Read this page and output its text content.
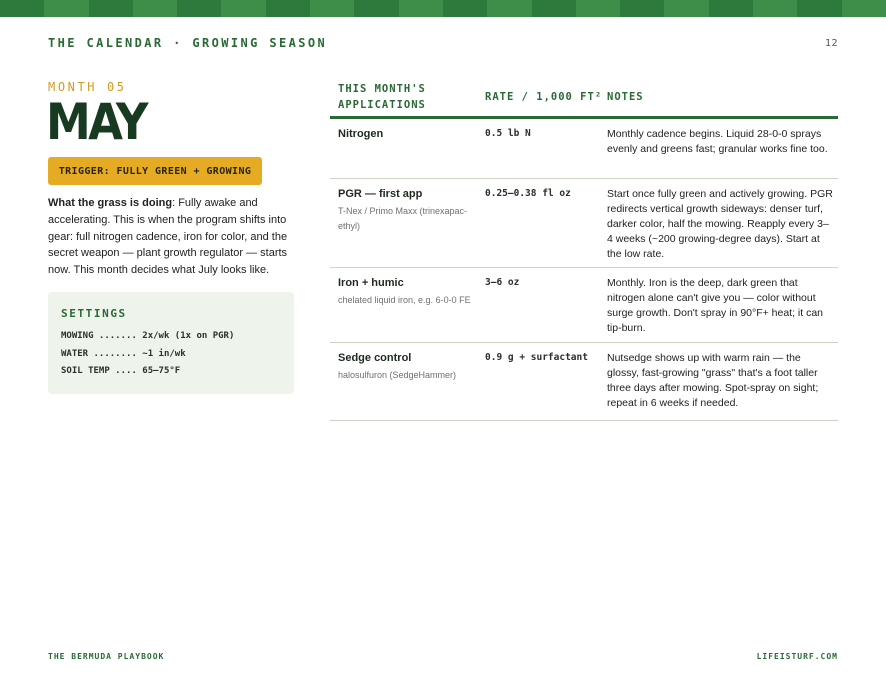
THE CALENDAR · GROWING SEASON	12
MONTH 05
MAY
TRIGGER: FULLY GREEN + GROWING

What the grass is doing: Fully awake and accelerating. This is when the program shifts into gear: full nitrogen cadence, iron for color, and the secret weapon — plant growth regulator — starts now. This month decides what July looks like.

SETTINGS
MOWING ....... 2x/wk (1x on PGR)
WATER ........ ~1 in/wk
SOIL TEMP .... 65–75°F
THIS MONTH'S
APPLICATIONS
RATE / 1,000 FT² NOTES
Nitrogen	0.5 lb N	Monthly cadence begins. Liquid 28-0-0 sprays evenly and greens fast; granular works fine too.
PGR — first app
T-Nex / Primo Maxx (trinexapac-ethyl)
0.25–0.38 fl oz	Start once fully green and actively growing. PGR redirects vertical growth sideways: denser turf, darker color, half the mowing. Reapply every 3–4 weeks (~200 growing-degree days). Start at the low rate.
Iron + humic
chelated liquid iron, e.g. 6-0-0 FE
3–6 oz	Monthly. Iron is the deep, dark green that nitrogen alone can't give you — color without surge growth. Don't spray in 90°F+ heat; it can tip-burn.
Sedge control
halosulfuron (SedgeHammer)
0.9 g + surfactant	Nutsedge shows up with warm rain — the glossy, fast-growing "grass" that's a foot taller three days after mowing. Spot-spray on sight; repeat in 6 weeks if needed.
THE BERMUDA PLAYBOOK	LIFEISTURF.COM
